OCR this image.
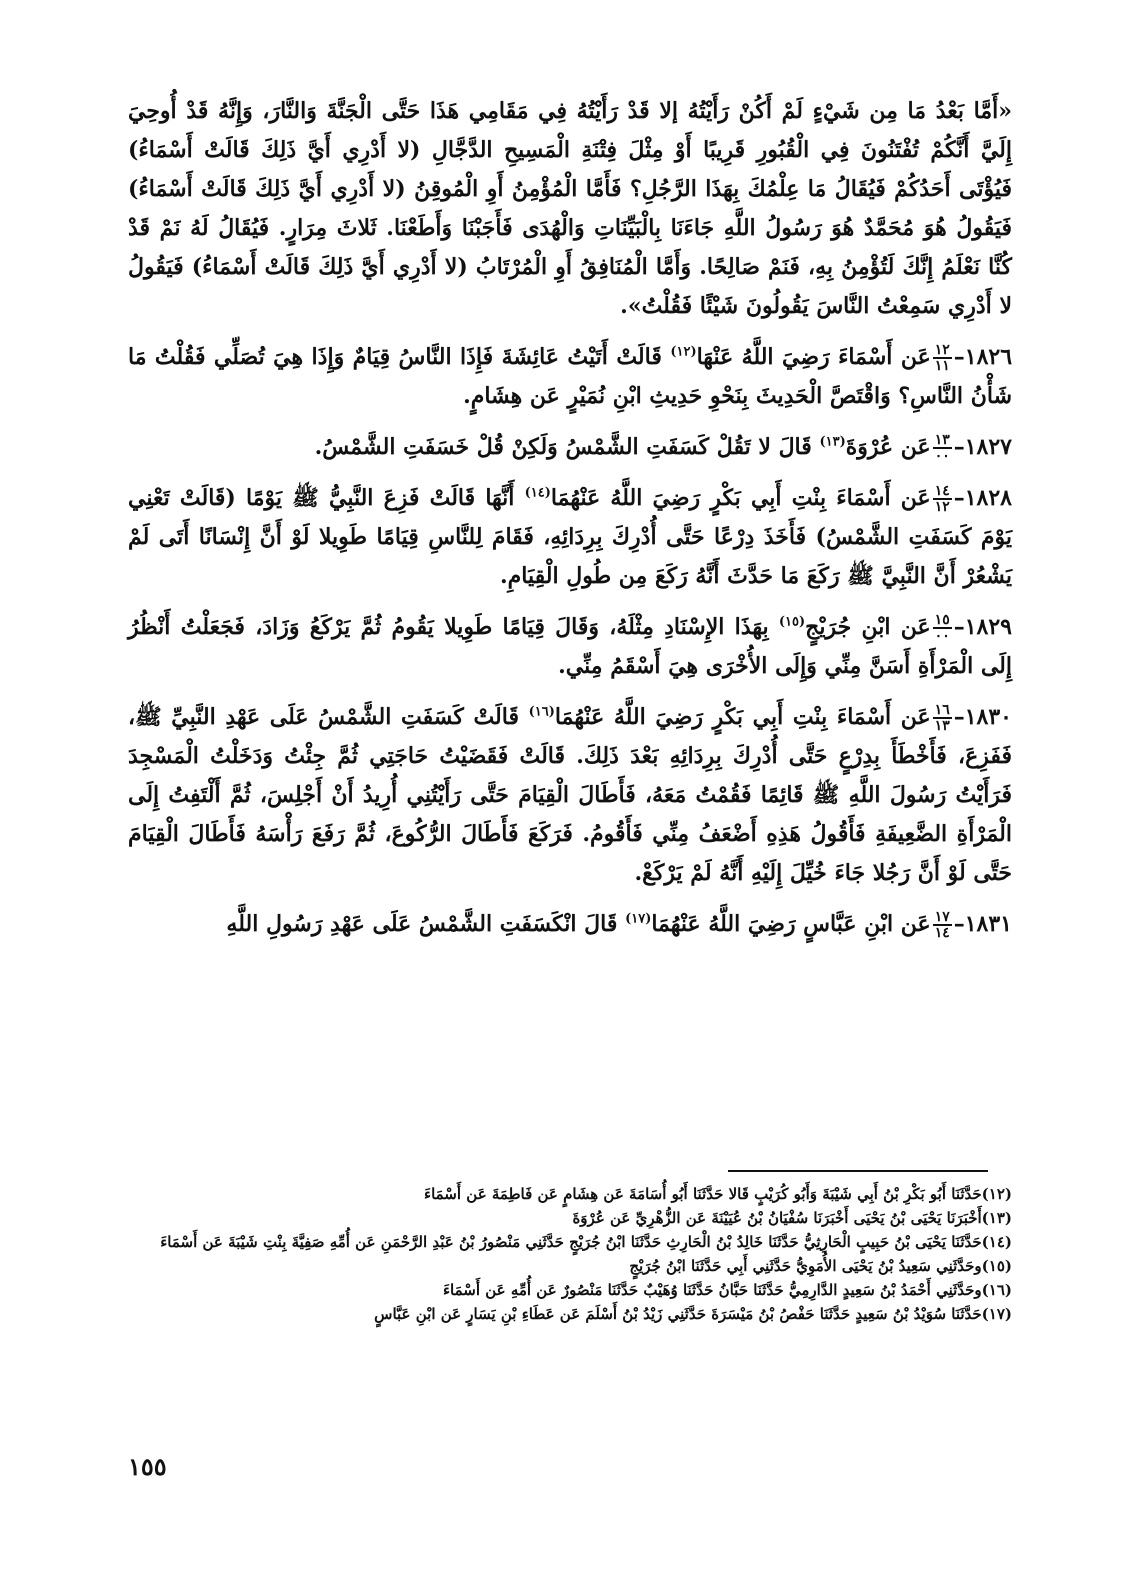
«أَمَّا بَعْدُ مَا مِن شَيْءٍ لَمْ أَكُنْ رَأَيْتُهُ إلا قَدْ رَأَيْتُهُ فِي مَقَامِي هَذَا حَتَّى الْجَنَّةَ وَالنَّارَ، وَإِنَّهُ قَدْ أُوحِيَ إِلَيَّ أَنَّكُمْ تُفْتَنُونَ فِي الْقُبُورِ قَرِيبًا أَوْ مِثْلَ فِتْنَةِ الْمَسِيحِ الدَّجَّالِ (لا أَدْرِي أَيَّ ذَلِكَ قَالَتْ أَسْمَاءُ) فَيُؤْتَى أَحَدُكُمْ فَيُقَالُ مَا عِلْمُكَ بِهَذَا الرَّجُلِ؟ فَأَمَّا الْمُؤْمِنُ أَوِ الْمُوقِنُ (لا أَدْرِي أَيَّ ذَلِكَ قَالَتْ أَسْمَاءُ) فَيَقُولُ هُوَ مُحَمَّدٌ هُوَ رَسُولُ اللَّهِ جَاءَنَا بِالْبَيِّنَاتِ وَالْهُدَى فَأَجَبْنَا وَأَطَعْنَا. ثَلاثَ مِرَارٍ. فَيُقَالُ لَهُ نَمْ قَدْ كُنَّا نَعْلَمُ إِنَّكَ لَتُؤْمِنُ بِهِ، فَنَمْ صَالِحًا. وَأَمَّا الْمُنَافِقُ أَوِ الْمُرْتَابُ (لا أَدْرِي أَيَّ ذَلِكَ قَالَتْ أَسْمَاءُ) فَيَقُولُ لا أَدْرِي سَمِعْتُ النَّاسَ يَقُولُونَ شَيْئًا فَقُلْتُ».

١٨٢٦–
$\frac{١٢}{١١}$
عَن أَسْمَاءَ رَضِيَ اللَّهُ عَنْهَا$^{(١٢)}$ قَالَتْ أَتَيْتُ عَائِشَةَ فَإِذَا النَّاسُ قِيَامٌ وَإِذَا هِيَ تُصَلِّي فَقُلْتُ مَا شَأْنُ النَّاسِ؟ وَاقْتَصَّ الْحَدِيثَ بِنَحْوِ حَدِيثِ ابْنِ نُمَيْرٍ عَن هِشَامٍ.

١٨٢٧–
$\frac{١٣}{٠٠}$
عَن عُرْوَةَ$^{(١٣)}$ قَالَ لا تَقُلْ كَسَفَتِ الشَّمْسُ وَلَكِنْ قُلْ خَسَفَتِ الشَّمْسُ.

١٨٢٨–
$\frac{١٤}{١٢}$
عَن أَسْمَاءَ بِنْتِ أَبِي بَكْرٍ رَضِيَ اللَّهُ عَنْهُمَا$^{(١٤)}$ أَنَّهَا قَالَتْ فَزِعَ النَّبِيُّ ﷺ يَوْمًا (قَالَتْ تَعْنِي يَوْمَ كَسَفَتِ الشَّمْسُ) فَأَخَذَ دِرْعًا حَتَّى أُدْرِكَ بِرِدَائِهِ، فَقَامَ لِلنَّاسِ قِيَامًا طَوِيلا لَوْ أَنَّ إِنْسَانًا أَتَى لَمْ يَشْعُرْ أَنَّ النَّبِيَّ ﷺ رَكَعَ مَا حَدَّثَ أَنَّهُ رَكَعَ مِن طُولِ الْقِيَامِ.

١٨٢٩–
$\frac{١٥}{٠٠}$
عَن ابْنِ جُرَيْجٍ$^{(١٥)}$ بِهَذَا الإِسْنَادِ مِثْلَهُ، وَقَالَ قِيَامًا طَوِيلا يَقُومُ ثُمَّ يَرْكَعُ وَزَادَ، فَجَعَلْتُ أَنْظُرُ إِلَى الْمَرْأَةِ أَسَنَّ مِنِّي وَإِلَى الأُخْرَى هِيَ أَسْقَمُ مِنِّي.

١٨٣٠–
$\frac{١٦}{١٣}$
عَن أَسْمَاءَ بِنْتِ أَبِي بَكْرٍ رَضِيَ اللَّهُ عَنْهُمَا$^{(١٦)}$ قَالَتْ كَسَفَتِ الشَّمْسُ عَلَى عَهْدِ النَّبِيِّ ﷺ، فَفَزِعَ، فَأَخْطَأَ بِدِرْعٍ حَتَّى أُدْرِكَ بِرِدَائِهِ بَعْدَ ذَلِكَ. قَالَتْ فَقَضَيْتُ حَاجَتِي ثُمَّ جِئْتُ وَدَخَلْتُ الْمَسْجِدَ فَرَأَيْتُ رَسُولَ اللَّهِ ﷺ قَائِمًا فَقُمْتُ مَعَهُ، فَأَطَالَ الْقِيَامَ حَتَّى رَأَيْتُنِي أُرِيدُ أَنْ أَجْلِسَ، ثُمَّ أَلْتَفِتُ إِلَى الْمَرْأَةِ الضَّعِيفَةِ فَأَقُولُ هَذِهِ أَضْعَفُ مِنِّي فَأَقُومُ. فَرَكَعَ فَأَطَالَ الرُّكُوعَ، ثُمَّ رَفَعَ رَأْسَهُ فَأَطَالَ الْقِيَامَ حَتَّى لَوْ أَنَّ رَجُلا جَاءَ خُيِّلَ إِلَيْهِ أَنَّهُ لَمْ يَرْكَعْ.

١٨٣١–
$\frac{١٧}{١٤}$
عَن ابْنِ عَبَّاسٍ رَضِيَ اللَّهُ عَنْهُمَا$^{(١٧)}$ قَالَ انْكَسَفَتِ الشَّمْسُ عَلَى عَهْدِ رَسُولِ اللَّهِ

(١٢)حَدَّثَنَا أَبُو بَكْرِ بْنُ أَبِي شَيْبَةَ وَأَبُو كُرَيْبٍ قَالا حَدَّثَنَا أَبُو أُسَامَةَ عَن هِشَامٍ عَن فَاطِمَةَ عَن أَسْمَاءَ

(١٣)أَخْبَرَنَا يَحْيَى بْنُ يَحْيَى أَخْبَرَنَا سُفْيَانُ بْنُ عُيَيْنَةَ عَن الزُّهْرِيِّ عَن عُرْوَةَ

(١٤)حَدَّثَنَا يَحْيَى بْنُ حَبِيبٍ الْحَارِثِيُّ حَدَّثَنَا خَالِدُ بْنُ الْحَارِثِ حَدَّثَنَا ابْنُ جُرَيْجٍ حَدَّثَنِي مَنْصُورُ بْنُ عَبْدِ الرَّحْمَنِ عَن أُمِّهِ صَفِيَّةَ بِنْتِ شَيْبَةَ عَن أَسْمَاءَ

(١٥)وحَدَّثَنِي سَعِيدُ بْنُ يَحْيَى الأُمَوِيُّ حَدَّثَنِي أَبِي حَدَّثَنَا ابْنُ جُرَيْجٍ

(١٦)وحَدَّثَنِي أَحْمَدُ بْنُ سَعِيدٍ الدَّارِمِيُّ حَدَّثَنَا حَبَّانُ حَدَّثَنَا وُهَيْبٌ حَدَّثَنَا مَنْصُورٌ عَن أُمِّهِ عَن أَسْمَاءَ

(١٧)حَدَّثَنَا سُوَيْدُ بْنُ سَعِيدٍ حَدَّثَنَا حَفْصُ بْنُ مَيْسَرَةَ حَدَّثَنِي زَيْدُ بْنُ أَسْلَمَ عَن عَطَاءِ بْنِ يَسَارٍ عَن ابْنِ عَبَّاسٍ

١٥٥
